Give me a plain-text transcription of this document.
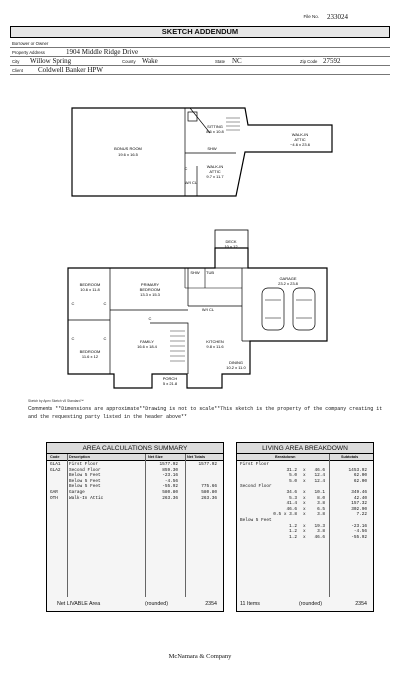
File No. 233024
SKETCH ADDENDUM
Borrower or Owner
Property Address	1904 Middle Ridge Drive
City Willow Spring	County Wake	State NC	Zip Code 27592
Client Coldwell Banker HPW
BONUS ROOM
19.6 x 16.5
SITTING
8.6 x 10.8
WALK-IN
ATTIC
~4.6 x 23.6
WALK-IN
ATTIC
9.7 x 11.7
SHW
W/I CL
DECK
10 x 12
SHW TUB
BEDROOM
10.6 x 11.8
PRIMARY
BEDROOM
13.3 x 15.3
W/I CL
GARAGE
23.2 x 23.8
FAMILY
16.6 x 18.4
KITCHEN
9.8 x 11.6
BEDROOM
11.6 x 12
DINING
10.2 x 11.0
PORCH
5 x 21.8
C
C
C
C
C
C
Sketch by Apex Sketch v5 Standard™
Comments **Dimensions are approximate**Drawing is not to scale**This sketch is the property of the company creating it and the requesting party listed in the header above**
AREA CALCULATIONS SUMMARY
Code	Description	Net Size	Net Totals
GLA1 First Floor	1577.92	1577.92
GLA2 Second Floor	859.30
Below 5 Feet	-23.16
Below 5 Feet	-4.56
Below 5 Feet	-55.92	775.66
GAR	Garage	580.80	580.80
OTH	Walk-In Attic	263.36	263.36
Net LIVABLE Area	(rounded)	2354
LIVING AREA BREAKDOWN
Breakdown	Subtotals
First Floor
31.2 x 46.6	1453.92
5.0 x 12.4	62.00
5.0 x 12.4	62.00
Second Floor
34.6 x 10.1	349.46
5.3 x	8.0	42.40
41.4 x	3.8	157.32
46.6 x	6.5	302.90
0.5 x 3.8 x	3.8	7.22
Below 5 Feet
1.2 x 19.3	-23.16
1.2 x	3.8	-4.56
1.2 x 46.6	-55.92
11 Items	(rounded)	2354
McNamara & Company
